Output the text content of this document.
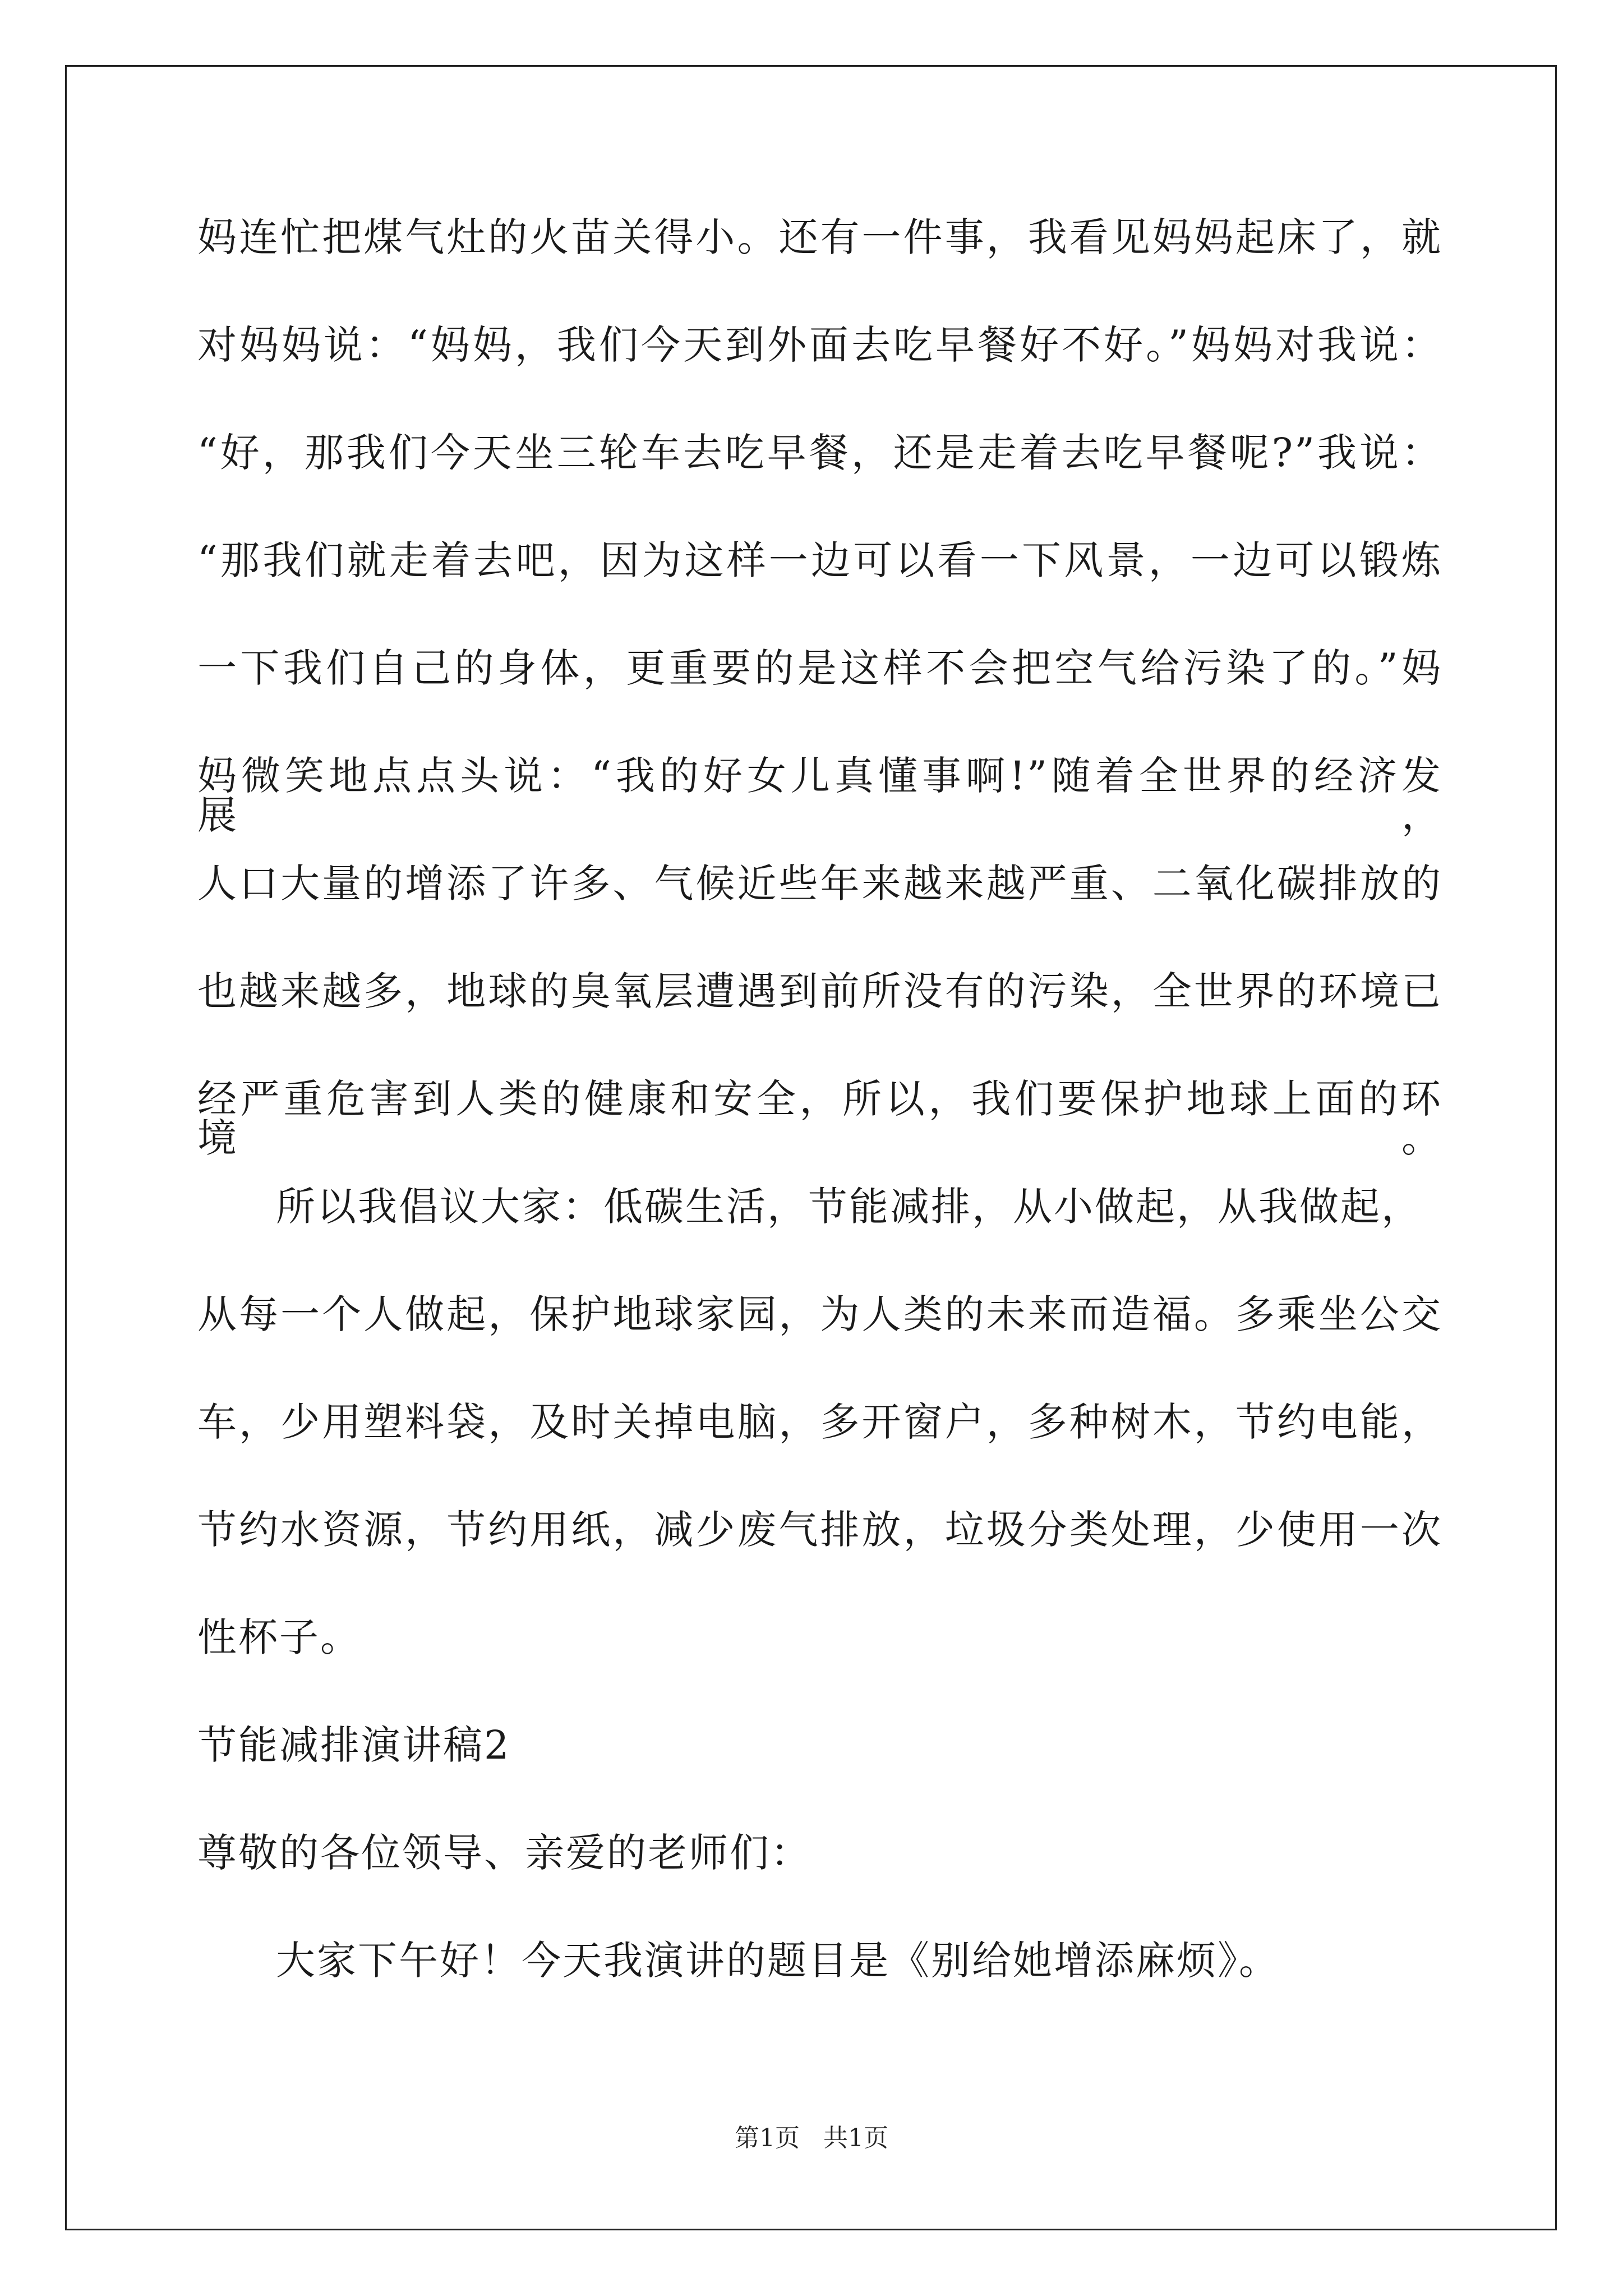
妈连忙把煤气灶的火苗关得小。还有一件事，我看见妈妈起床了，就
对妈妈说：“妈妈，我们今天到外面去吃早餐好不好。”妈妈对我说：
“好，那我们今天坐三轮车去吃早餐，还是走着去吃早餐呢?”我说：
“那我们就走着去吧，因为这样一边可以看一下风景，一边可以锻炼
一下我们自己的身体，更重要的是这样不会把空气给污染了的。”妈
妈微笑地点点头说：“我的好女儿真懂事啊!”随着全世界的经济发展，
人口大量的增添了许多、气候近些年来越来越严重、二氧化碳排放的
也越来越多，地球的臭氧层遭遇到前所没有的污染，全世界的环境已
经严重危害到人类的健康和安全，所以，我们要保护地球上面的环境。
所以我倡议大家：低碳生活，节能减排，从小做起，从我做起，
从每一个人做起，保护地球家园，为人类的未来而造福。多乘坐公交
车，少用塑料袋，及时关掉电脑，多开窗户，多种树木，节约电能，
节约水资源，节约用纸，减少废气排放，垃圾分类处理，少使用一次
性杯子。
节能减排演讲稿2
尊敬的各位领导、亲爱的老师们：
大家下午好！今天我演讲的题目是《别给她增添麻烦》。
第1页 共1页
